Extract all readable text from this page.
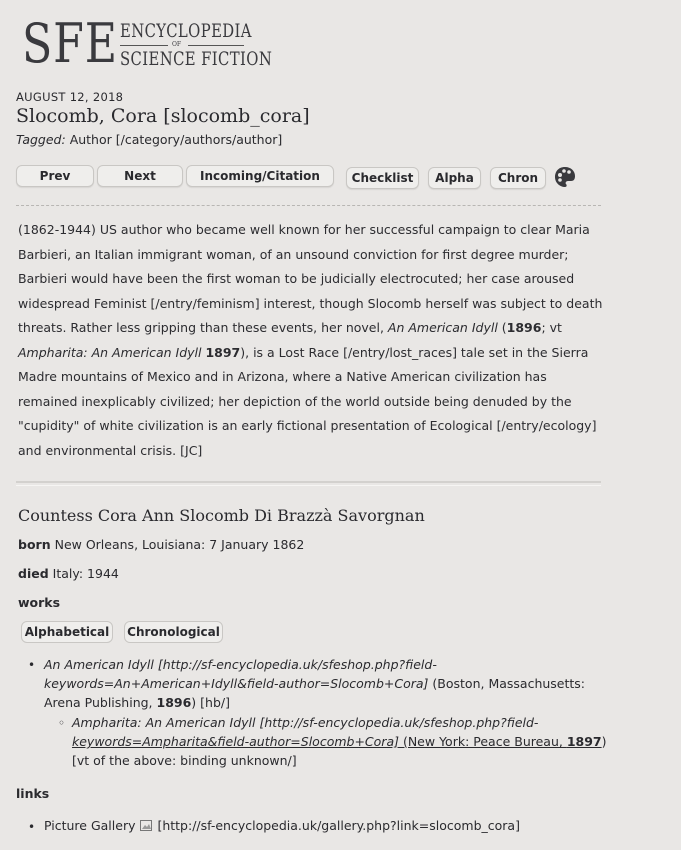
SFE ENCYCLOPEDIA
OF
SCIENCE FICTION
AUGUST 12, 2018
Slocomb, Cora [slocomb_cora]
Tagged: Author [/category/authors/author]
Prev	Next	Incoming/Citation	Checklist	Alpha	Chron
(1862-1944) US author who became well known for her successful campaign to clear Maria Barbieri, an Italian immigrant woman, of an unsound conviction for first degree murder; Barbieri would have been the first woman to be judicially electrocuted; her case aroused widespread Feminist [/entry/feminism] interest, though Slocomb herself was subject to death threats. Rather less gripping than these events, her novel, An American Idyll (1896; vt Ampharita: An American Idyll 1897), is a Lost Race [/entry/lost_races] tale set in the Sierra Madre mountains of Mexico and in Arizona, where a Native American civilization has remained inexplicably civilized; her depiction of the world outside being denuded by the "cupidity" of white civilization is an early fictional presentation of Ecological [/entry/ecology] and environmental crisis. [JC]
Countess Cora Ann Slocomb Di Brazzà Savorgnan
born New Orleans, Louisiana: 7 January 1862
died Italy: 1944
works
Alphabetical	Chronological
• An American Idyll [http://sf-encyclopedia.uk/sfeshop.php?field-keywords=An+American+Idyll&field-author=Slocomb+Cora] (Boston, Massachusetts: Arena Publishing, 1896) [hb/]
◦ Ampharita: An American Idyll [http://sf-encyclopedia.uk/sfeshop.php?field-
keywords=Ampharita&field-author=Slocomb+Cora] (New York: Peace Bureau, 1897)
[vt of the above: binding unknown/]
links
• Picture Gallery [http://sf-encyclopedia.uk/gallery.php?link=slocomb_cora]
